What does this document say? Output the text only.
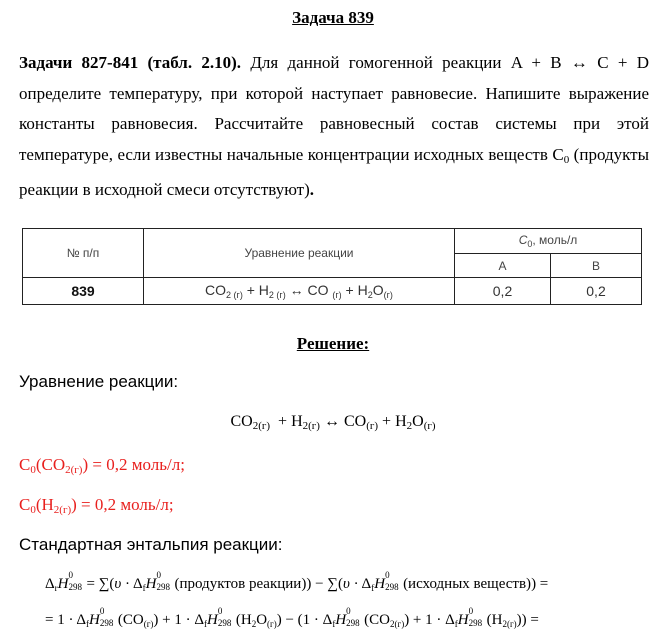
Задача 839
Задачи 827-841 (табл. 2.10). Для данной гомогенной реакции A + B ↔ C + D определите температуру, при которой наступает равновесие. Напишите выражение константы равновесия. Рассчитайте равновесный состав системы при этой температуре, если известны начальные концентрации исходных веществ C0 (продукты реакции в исходной смеси отсутствуют).
№ п/п	Уравнение реакции	$C_0$, моль/л	
		A	B
839	$CO_{2 (г)} + H_{2 (г)}$ ↔ CO $_{(г)} + H_2O_{(г)}$	0,2	0,2
Решение:
Уравнение реакции:
CO2(г)  + H2(г) ↔ CO(г) + H2O(г)
C0(CO2(г)) = 0,2 моль/л;
C0(H2(г)) = 0,2 моль/л;
Стандартная энтальпия реакции:
$\Delta_rH$
0
$298 = \sum(\upsilon \cdot \Delta_fH$
0
298 (продуктов реакции)) − $\sum(\upsilon \cdot \Delta_fH$
0
298 (исходных веществ)) =
= $1 \cdot \Delta_fH$
0
298 $(CO_{(г)}) + 1 \cdot \Delta_fH$
0
298 $(H_2O_{(г)}) - (1 \cdot \Delta_fH$
0
298 $(CO_{2(г)}) + 1 \cdot \Delta_fH$
0
298 $(H_{2(г)})$) =
